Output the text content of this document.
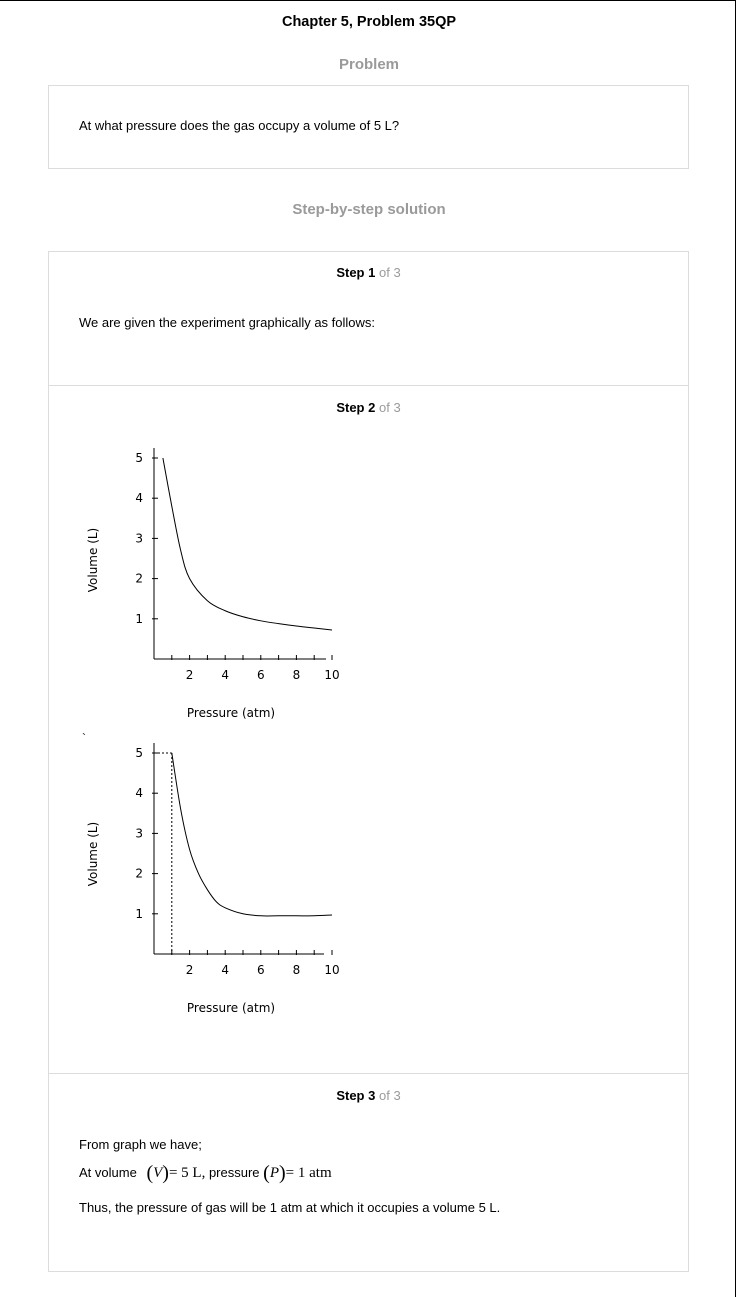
Chapter 5, Problem 35QP
Problem
At what pressure does the gas occupy a volume of 5 L?
Step-by-step solution
Step 1 of 3
We are given the experiment graphically as follows:
Step 2 of 3
2 4 6 8 10
1
2
3
4
5
Pressure (atm)
Volume (L)
`
2 4 6 8 10
1
2
3
4
5
Pressure (atm)
Volume (L)
Step 3 of 3
From graph we have;
At volume (V)= 5 L, pressure (P)= 1 atm
Thus, the pressure of gas will be 1 atm at which it occupies a volume 5 L.
